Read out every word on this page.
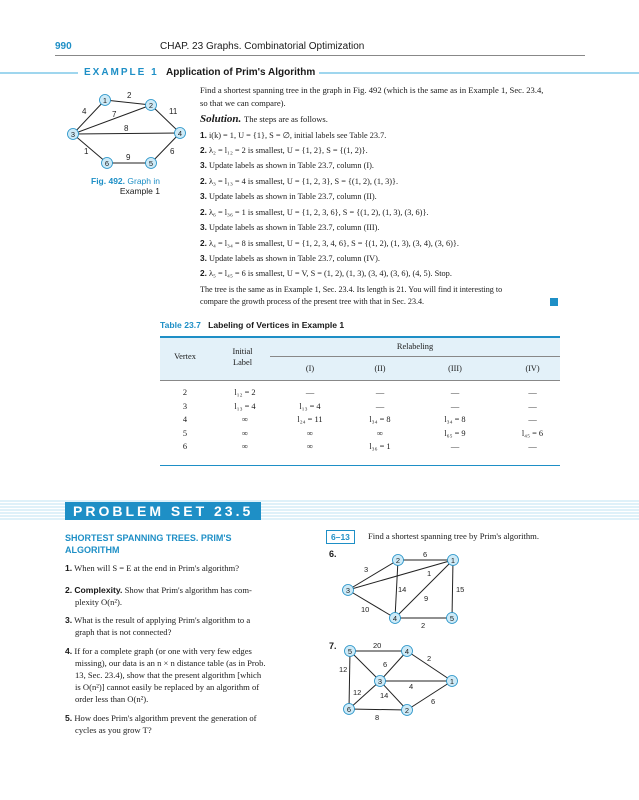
990	CHAP. 23 Graphs. Combinatorial Optimization
EXAMPLE 1 Application of Prim's Algorithm
2
4	7	11
8
1	6
9
1
2
3	4
5
6
Fig. 492. Graph in
Example 1
Find a shortest spanning tree in the graph in Fig. 492 (which is the same as in Example 1, Sec. 23.4,
so that we can compare).
Solution. The steps are as follows.
1. i(k) = 1, U = {1}, S = ∅, initial labels see Table 23.7.
2. λ₂ = l₁₂ = 2 is smallest, U = {1, 2}, S = {(1, 2)}.
3. Update labels as shown in Table 23.7, column (I).
2. λ₃ = l₁₃ = 4 is smallest, U = {1, 2, 3}, S = {(1, 2), (1, 3)}.
3. Update labels as shown in Table 23.7, column (II).
2. λ₆ = l₃₆ = 1 is smallest, U = {1, 2, 3, 6}, S = {(1, 2), (1, 3), (3, 6)}.
3. Update labels as shown in Table 23.7, column (III).
2. λ₄ = l₃₄ = 8 is smallest, U = {1, 2, 3, 4, 6}, S = {(1, 2), (1, 3), (3, 4), (3, 6)}.
3. Update labels as shown in Table 23.7, column (IV).
2. λ₅ = l₄₅ = 6 is smallest, U = V, S = (1, 2), (1, 3), (3, 4), (3, 6), (4, 5). Stop.
The tree is the same as in Example 1, Sec. 23.4. Its length is 21. You will find it interesting to
compare the growth process of the present tree with that in Sec. 23.4.
Table 23.7 Labeling of Vertices in Example 1
Vertex
Initial
Label
Relabeling
(I)	(II)	(III)	(IV)
2	l₁₂ = 2	—	—	—	—
3	l₁₃ = 4	l₁₃ = 4	—	—	—
4	∞	l₂₄ = 11	l₃₄ = 8	l₃₄ = 8	—
5	∞	∞	∞	l₆₅ = 9	l₄₅ = 6
6	∞	∞	l₃₆ = 1	—	—
PROBLEM SET 23.5
SHORTEST SPANNING TREES. PRIM'S
ALGORITHM
1. When will S = E at the end in Prim's algorithm?
2. Complexity. Show that Prim's algorithm has com-
plexity O(n²).
3. What is the result of applying Prim's algorithm to a
graph that is not connected?
4. If for a complete graph (or one with very few edges
missing), our data is an n × n distance table (as in Prob.
13, Sec. 23.4), show that the present algorithm [which
is O(n²)] cannot easily be replaced by an algorithm of
order less than O(n²).
5. How does Prim's algorithm prevent the generation of
cycles as you grow T?
6–13	Find a shortest spanning tree by Prim's algorithm.
6.	6
3	1
14
9
15
10
2
1
2
3
4	5
7.	20
2
6
12
4
12 14
6
8
1
2
3
4
5
6
